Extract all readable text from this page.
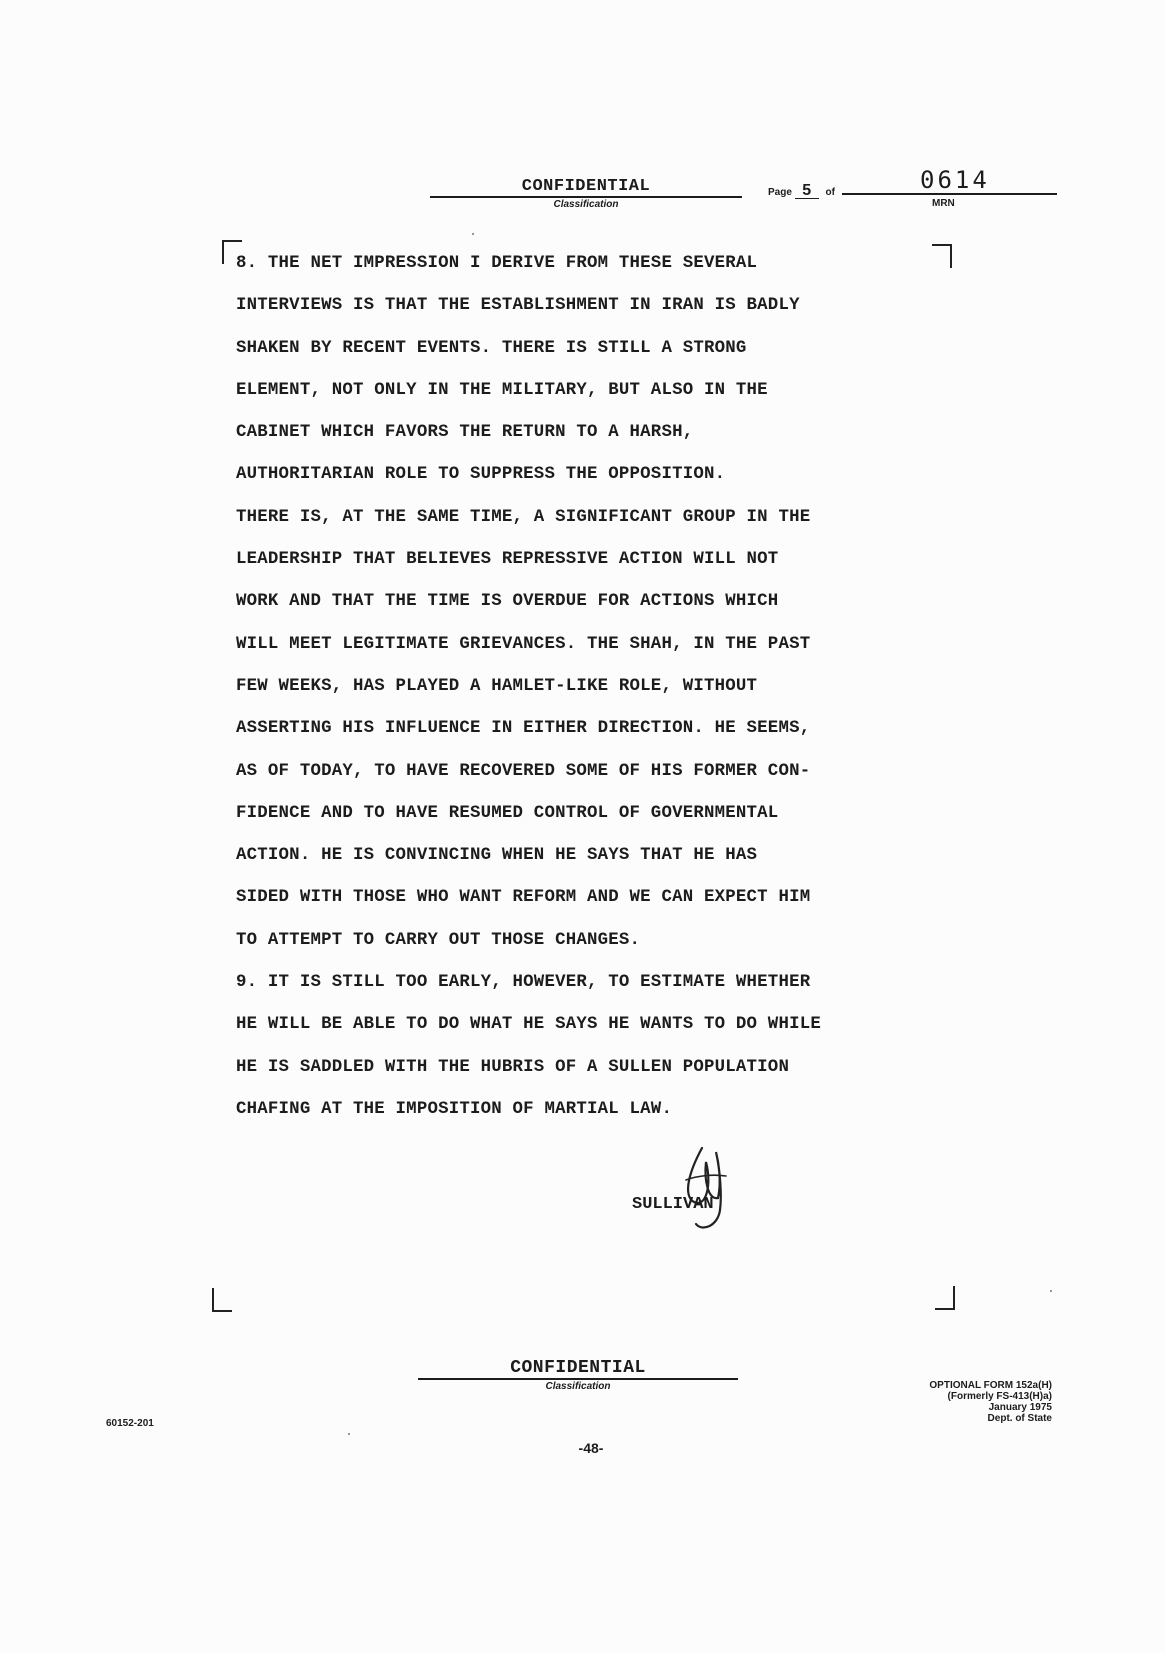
CONFIDENTIAL
Classification
Page 5 of	0614
MRN
8. THE NET IMPRESSION I DERIVE FROM THESE SEVERAL
INTERVIEWS IS THAT THE ESTABLISHMENT IN IRAN IS BADLY
SHAKEN BY RECENT EVENTS. THERE IS STILL A STRONG
ELEMENT, NOT ONLY IN THE MILITARY, BUT ALSO IN THE
CABINET WHICH FAVORS THE RETURN TO A HARSH,
AUTHORITARIAN ROLE TO SUPPRESS THE OPPOSITION.
THERE IS, AT THE SAME TIME, A SIGNIFICANT GROUP IN THE
LEADERSHIP THAT BELIEVES REPRESSIVE ACTION WILL NOT
WORK AND THAT THE TIME IS OVERDUE FOR ACTIONS WHICH
WILL MEET LEGITIMATE GRIEVANCES. THE SHAH, IN THE PAST
FEW WEEKS, HAS PLAYED A HAMLET-LIKE ROLE, WITHOUT
ASSERTING HIS INFLUENCE IN EITHER DIRECTION. HE SEEMS,
AS OF TODAY, TO HAVE RECOVERED SOME OF HIS FORMER CON-
FIDENCE AND TO HAVE RESUMED CONTROL OF GOVERNMENTAL
ACTION. HE IS CONVINCING WHEN HE SAYS THAT HE HAS
SIDED WITH THOSE WHO WANT REFORM AND WE CAN EXPECT HIM
TO ATTEMPT TO CARRY OUT THOSE CHANGES.
9. IT IS STILL TOO EARLY, HOWEVER, TO ESTIMATE WHETHER
HE WILL BE ABLE TO DO WHAT HE SAYS HE WANTS TO DO WHILE
HE IS SADDLED WITH THE HUBRIS OF A SULLEN POPULATION
CHAFING AT THE IMPOSITION OF MARTIAL LAW.
SULLIVAN
CONFIDENTIAL
Classification
60152-201
-48-
OPTIONAL FORM 152a(H)
(Formerly FS-413(H)a)
January 1975
Dept. of State
